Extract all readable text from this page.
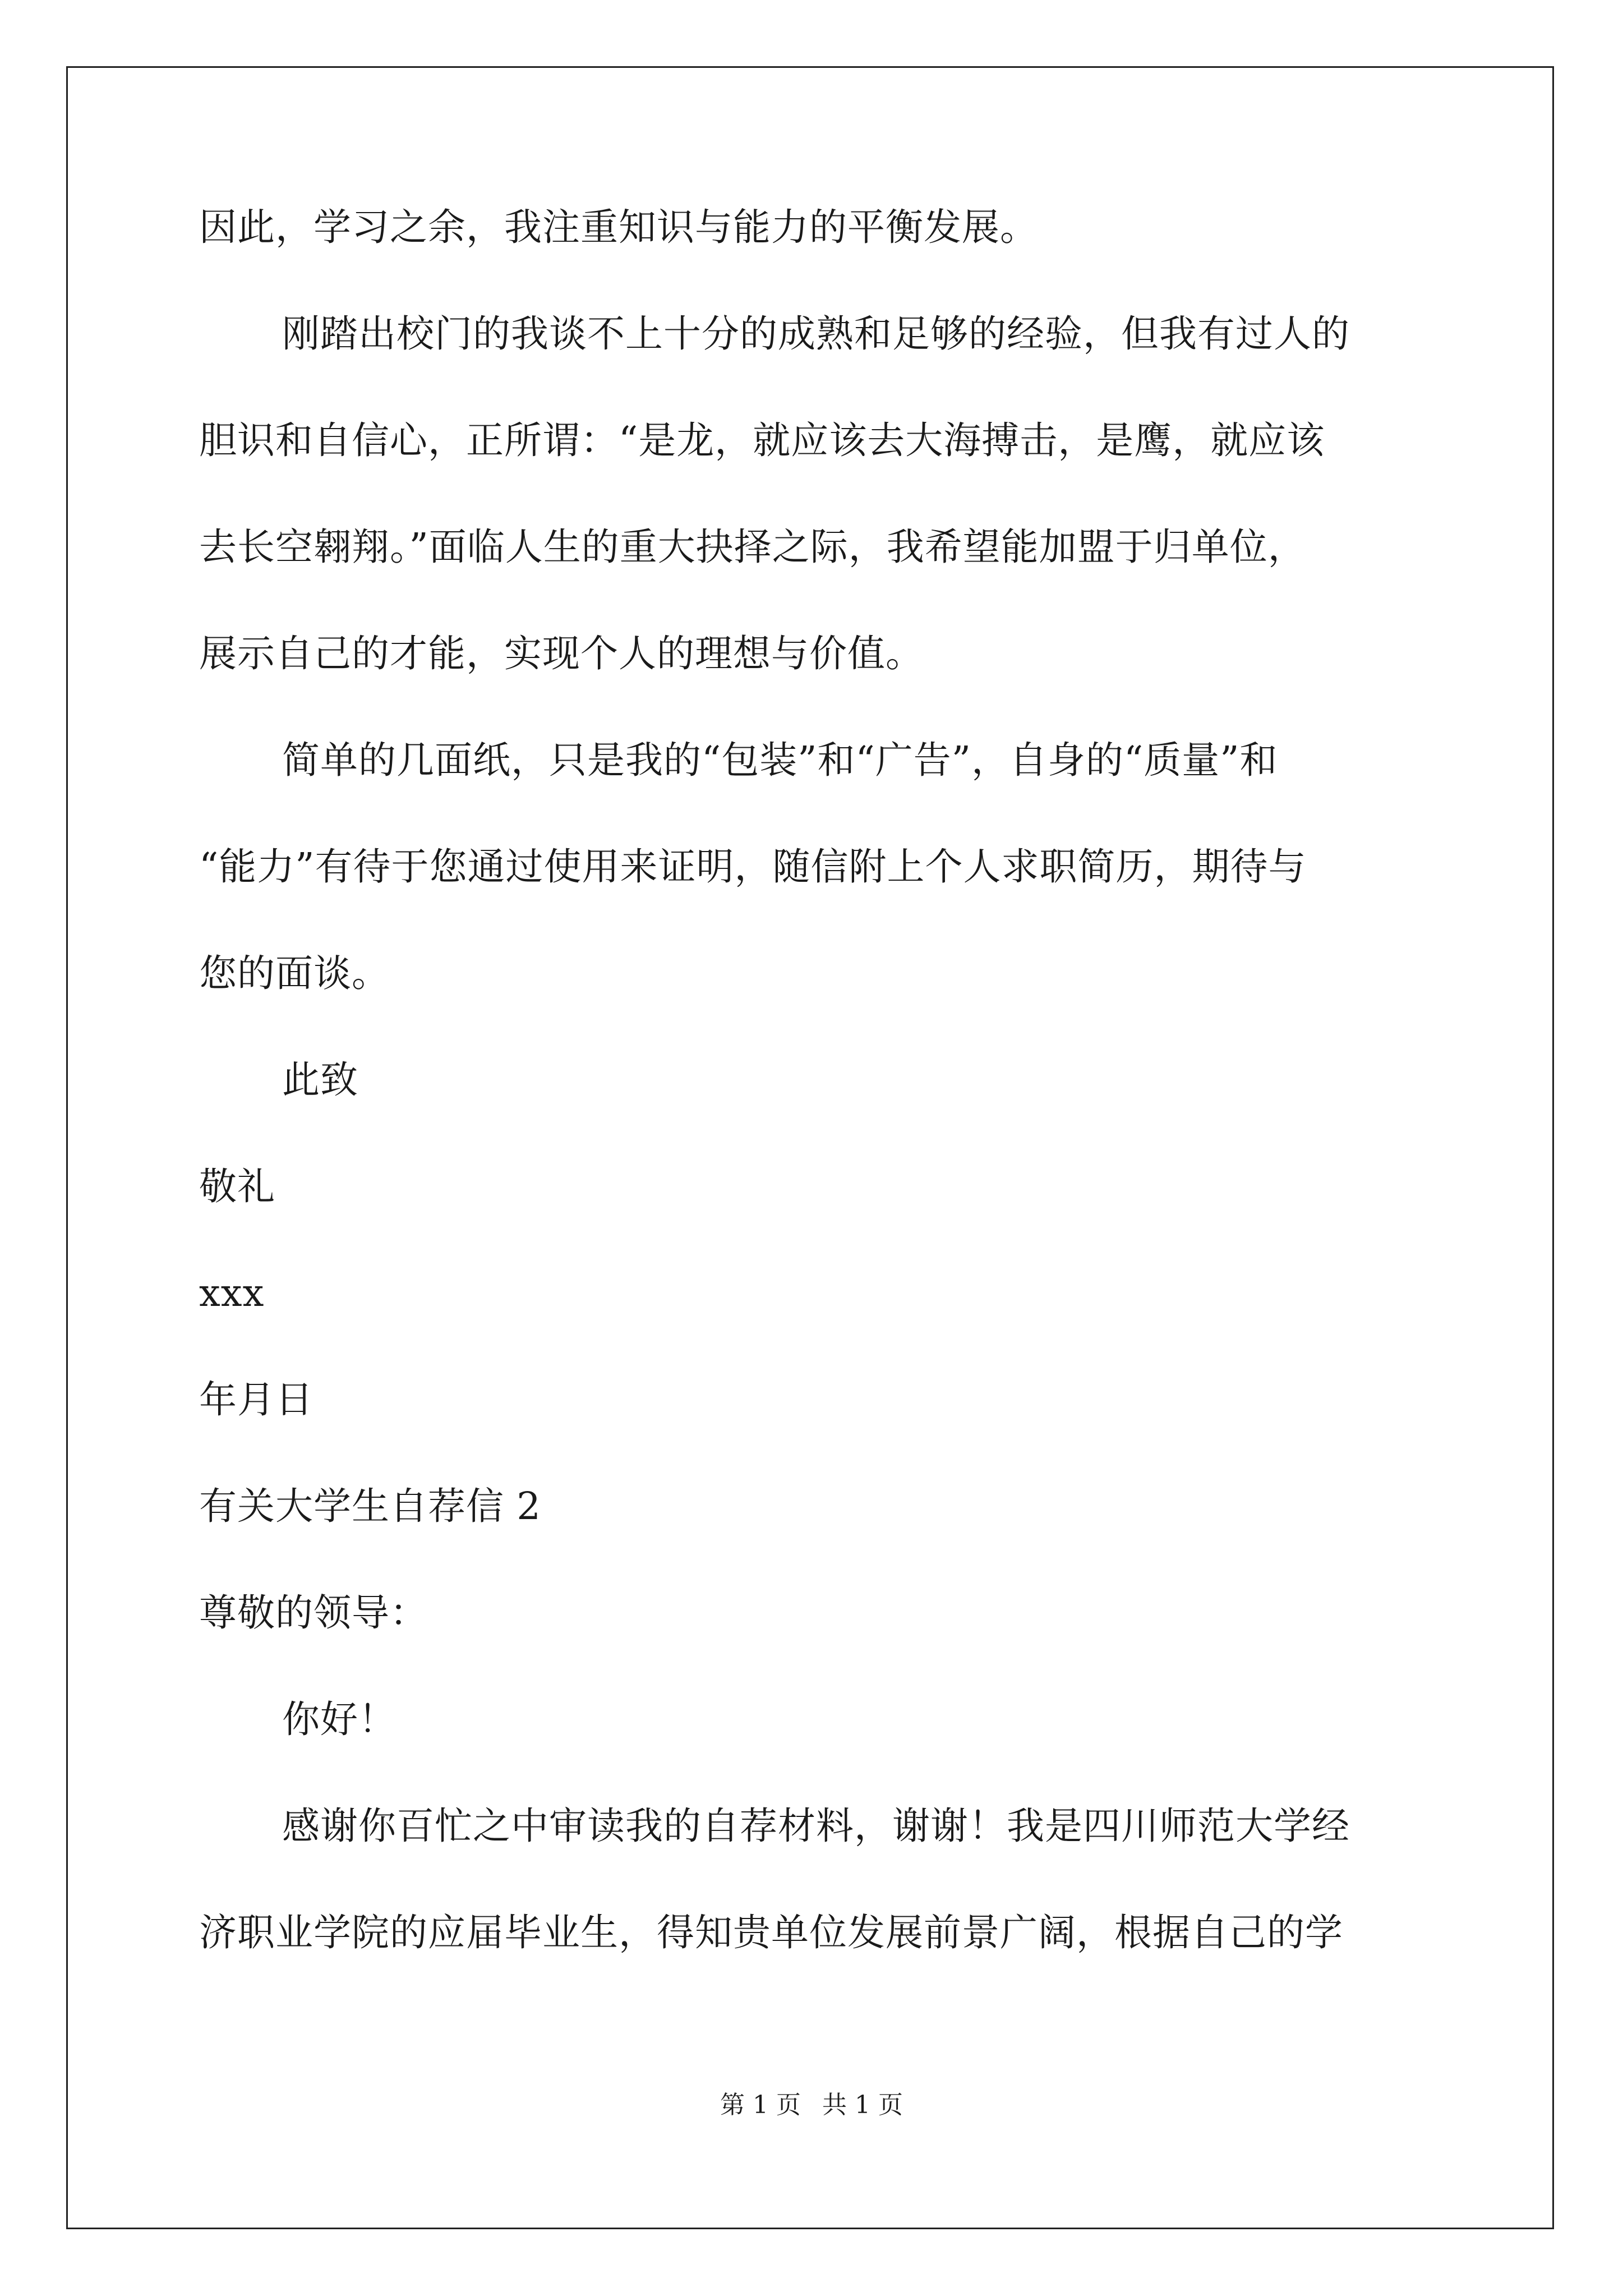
因此，学习之余，我注重知识与能力的平衡发展。
刚踏出校门的我谈不上十分的成熟和足够的经验，但我有过人的
胆识和自信心，正所谓：“是龙，就应该去大海搏击，是鹰，就应该
去长空翱翔。”面临人生的重大抉择之际，我希望能加盟于归单位，
展示自己的才能，实现个人的理想与价值。
简单的几面纸，只是我的“包装”和“广告”，自身的“质量”和
“能力”有待于您通过使用来证明，随信附上个人求职简历，期待与
您的面谈。
此致
敬礼
xxx
年月日
有关大学生自荐信 2
尊敬的领导：
你好！
感谢你百忙之中审读我的自荐材料，谢谢！我是四川师范大学经
济职业学院的应届毕业生，得知贵单位发展前景广阔，根据自己的学
第 1 页 共 1 页
